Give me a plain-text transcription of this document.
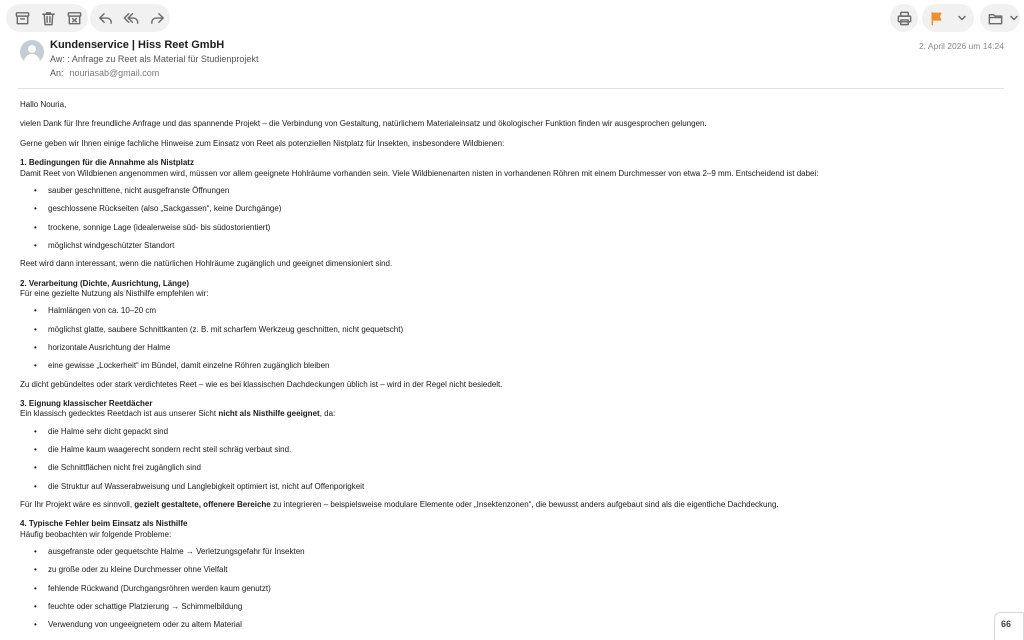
Kundenservice | Hiss Reet GmbH
Aw: : Anfrage zu Reet als Material für Studienprojekt
An: nouriasab@gmail.com
2. April 2026 um 14:24

Hallo Nouria,

vielen Dank für Ihre freundliche Anfrage und das spannende Projekt – die Verbindung von Gestaltung, natürlichem Materialeinsatz und ökologischer Funktion finden wir ausgesprochen gelungen.

Gerne geben wir Ihnen einige fachliche Hinweise zum Einsatz von Reet als potenziellen Nistplatz für Insekten, insbesondere Wildbienen:

1. Bedingungen für die Annahme als Nistplatz

Damit Reet von Wildbienen angenommen wird, müssen vor allem geeignete Hohlräume vorhanden sein. Viele Wildbienenarten nisten in vorhandenen Röhren mit einem Durchmesser von etwa 2–9 mm. Entscheidend ist dabei:

•	sauber geschnittene, nicht ausgefranste Öffnungen
•	geschlossene Rückseiten (also „Sackgassen“, keine Durchgänge)
•	trockene, sonnige Lage (idealerweise süd- bis südostorientiert)
•	möglichst windgeschützter Standort

Reet wird dann interessant, wenn die natürlichen Hohlräume zugänglich und geeignet dimensioniert sind.

2. Verarbeitung (Dichte, Ausrichtung, Länge)

Für eine gezielte Nutzung als Nisthilfe empfehlen wir:

•	Halmlängen von ca. 10–20 cm
•	möglichst glatte, saubere Schnittkanten (z. B. mit scharfem Werkzeug geschnitten, nicht gequetscht)
•	horizontale Ausrichtung der Halme
•	eine gewisse „Lockerheit“ im Bündel, damit einzelne Röhren zugänglich bleiben

Zu dicht gebündeltes oder stark verdichtetes Reet – wie es bei klassischen Dachdeckungen üblich ist – wird in der Regel nicht besiedelt.

3. Eignung klassischer Reetdächer

Ein klassisch gedecktes Reetdach ist aus unserer Sicht nicht als Nisthilfe geeignet, da:

•	die Halme sehr dicht gepackt sind
•	die Halme kaum waagerecht sondern recht steil schräg verbaut sind.
•	die Schnittflächen nicht frei zugänglich sind
•	die Struktur auf Wasserabweisung und Langlebigkeit optimiert ist, nicht auf Offenporigkeit

Für Ihr Projekt wäre es sinnvoll, gezielt gestaltete, offenere Bereiche zu integrieren – beispielsweise modulare Elemente oder „Insektenzonen“, die bewusst anders aufgebaut sind als die eigentliche Dachdeckung.

4. Typische Fehler beim Einsatz als Nisthilfe

Häufig beobachten wir folgende Probleme:

•	ausgefranste oder gequetschte Halme → Verletzungsgefahr für Insekten
•	zu große oder zu kleine Durchmesser ohne Vielfalt
•	fehlende Rückwand (Durchgangsröhren werden kaum genutzt)
•	feuchte oder schattige Platzierung → Schimmelbildung
•	Verwendung von ungeeignetem oder zu altem Material	66
